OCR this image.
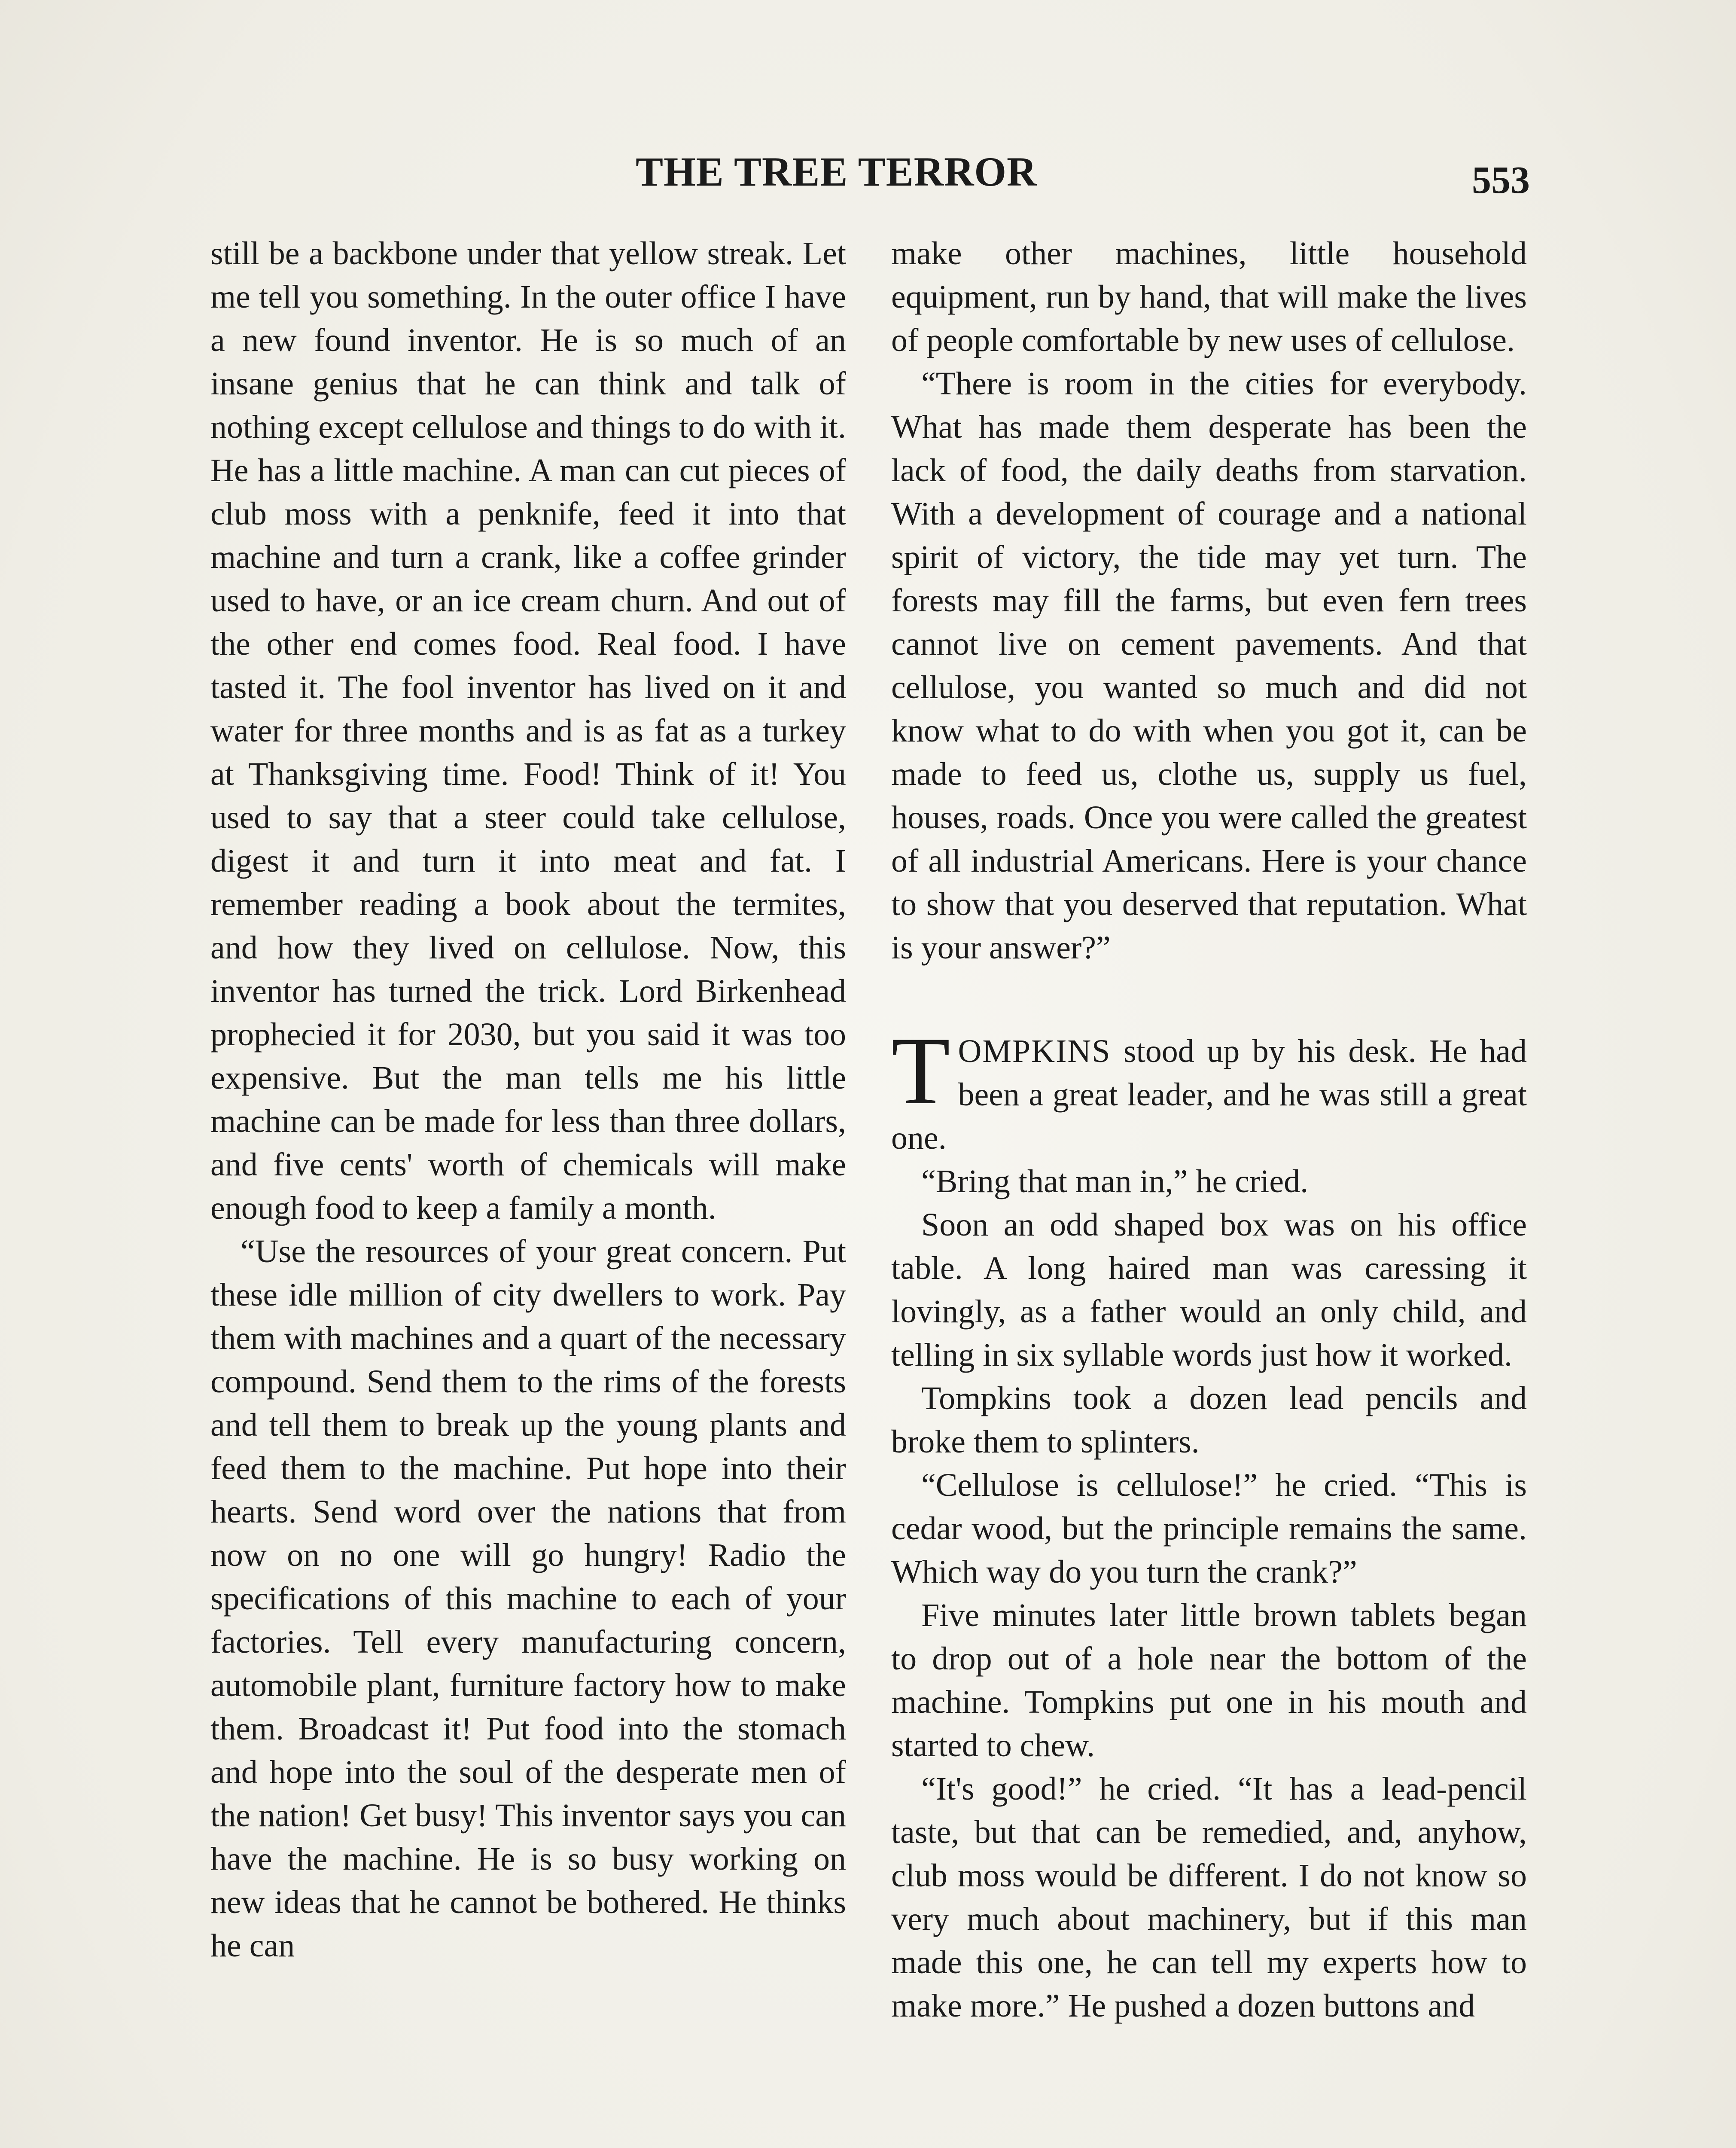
THE TREE TERROR	553

still be a backbone under that yellow streak. Let me tell you something. In the outer office I have a new found inventor. He is so much of an insane genius that he can think and talk of nothing except cellulose and things to do with it. He has a little machine. A man can cut pieces of club moss with a penknife, feed it into that machine and turn a crank, like a coffee grinder used to have, or an ice cream churn. And out of the other end comes food. Real food. I have tasted it. The fool inventor has lived on it and water for three months and is as fat as a turkey at Thanksgiving time. Food! Think of it! You used to say that a steer could take cellulose, digest it and turn it into meat and fat. I remember reading a book about the termites, and how they lived on cellulose. Now, this inventor has turned the trick. Lord Birkenhead prophecied it for 2030, but you said it was too expensive. But the man tells me his little machine can be made for less than three dollars, and five cents' worth of chemicals will make enough food to keep a family a month.

“Use the resources of your great concern. Put these idle million of city dwellers to work. Pay them with machines and a quart of the necessary compound. Send them to the rims of the forests and tell them to break up the young plants and feed them to the machine. Put hope into their hearts. Send word over the nations that from now on no one will go hungry! Radio the specifications of this machine to each of your factories. Tell every manufacturing concern, automobile plant, furniture factory how to make them. Broadcast it! Put food into the stomach and hope into the soul of the desperate men of the nation! Get busy! This inventor says you can have the machine. He is so busy working on new ideas that he cannot be bothered. He thinks he can

make other machines, little household equipment, run by hand, that will make the lives of people comfortable by new uses of cellulose.

“There is room in the cities for everybody. What has made them desperate has been the lack of food, the daily deaths from starvation. With a development of courage and a national spirit of victory, the tide may yet turn. The forests may fill the farms, but even fern trees cannot live on cement pavements. And that cellulose, you wanted so much and did not know what to do with when you got it, can be made to feed us, clothe us, supply us fuel, houses, roads. Once you were called the greatest of all industrial Americans. Here is your chance to show that you deserved that reputation. What is your answer?”

TOMPKINS stood up by his desk. He had been a great leader, and he was still a great one.

“Bring that man in,” he cried.

Soon an odd shaped box was on his office table. A long haired man was caressing it lovingly, as a father would an only child, and telling in six syllable words just how it worked.

Tompkins took a dozen lead pencils and broke them to splinters.

“Cellulose is cellulose!” he cried. “This is cedar wood, but the principle remains the same. Which way do you turn the crank?”

Five minutes later little brown tablets began to drop out of a hole near the bottom of the machine. Tompkins put one in his mouth and started to chew.

“It's good!” he cried. “It has a lead-pencil taste, but that can be remedied, and, anyhow, club moss would be different. I do not know so very much about machinery, but if this man made this one, he can tell my experts how to make more.” He pushed a dozen buttons and
